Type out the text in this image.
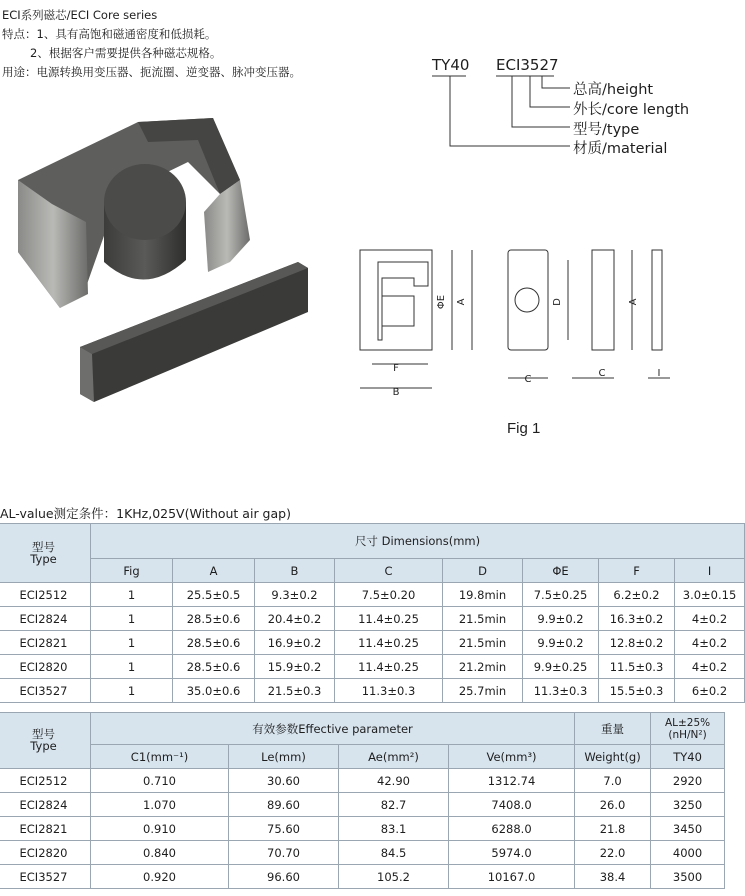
ECI系列磁芯/ECI Core series
特点：1、具有高饱和磁通密度和低损耗。
2、根据客户需要提供各种磁芯规格。
用途：电源转换用变压器、扼流圈、逆变器、脉冲变压器。	TY40 ECI3527
总高/height
外长/core length
型号/type
材质/material
F
B
ΦE A	D
C
A
C	I
Fig 1
AL-value测定条件：1KHz,025V(Without air gap)
型号
Type	尺寸 Dimensions(mm)							
	Fig	A	B	C	D	ΦE	F	I
ECI2512	1	25.5±0.5	9.3±0.2	7.5±0.20	19.8min	7.5±0.25	6.2±0.2	3.0±0.15
ECI2824	1	28.5±0.6	20.4±0.2	11.4±0.25	21.5min	9.9±0.2	16.3±0.2	4±0.2
ECI2821	1	28.5±0.6	16.9±0.2	11.4±0.25	21.5min	9.9±0.2	12.8±0.2	4±0.2
ECI2820	1	28.5±0.6	15.9±0.2	11.4±0.25	21.2min	9.9±0.25	11.5±0.3	4±0.2
ECI3527	1	35.0±0.6	21.5±0.3	11.3±0.3	25.7min	11.3±0.3	15.5±0.3	6±0.2
型号
Type	有效参数Effective parameter				重量	AL±25%
(nH/N²)
	C1(mm⁻¹)	Le(mm)	Ae(mm²)	Ve(mm³)	Weight(g)	TY40
ECI2512	0.710	30.60	42.90	1312.74	7.0	2920
ECI2824	1.070	89.60	82.7	7408.0	26.0	3250
ECI2821	0.910	75.60	83.1	6288.0	21.8	3450
ECI2820	0.840	70.70	84.5	5974.0	22.0	4000
ECI3527	0.920	96.60	105.2	10167.0	38.4	3500
